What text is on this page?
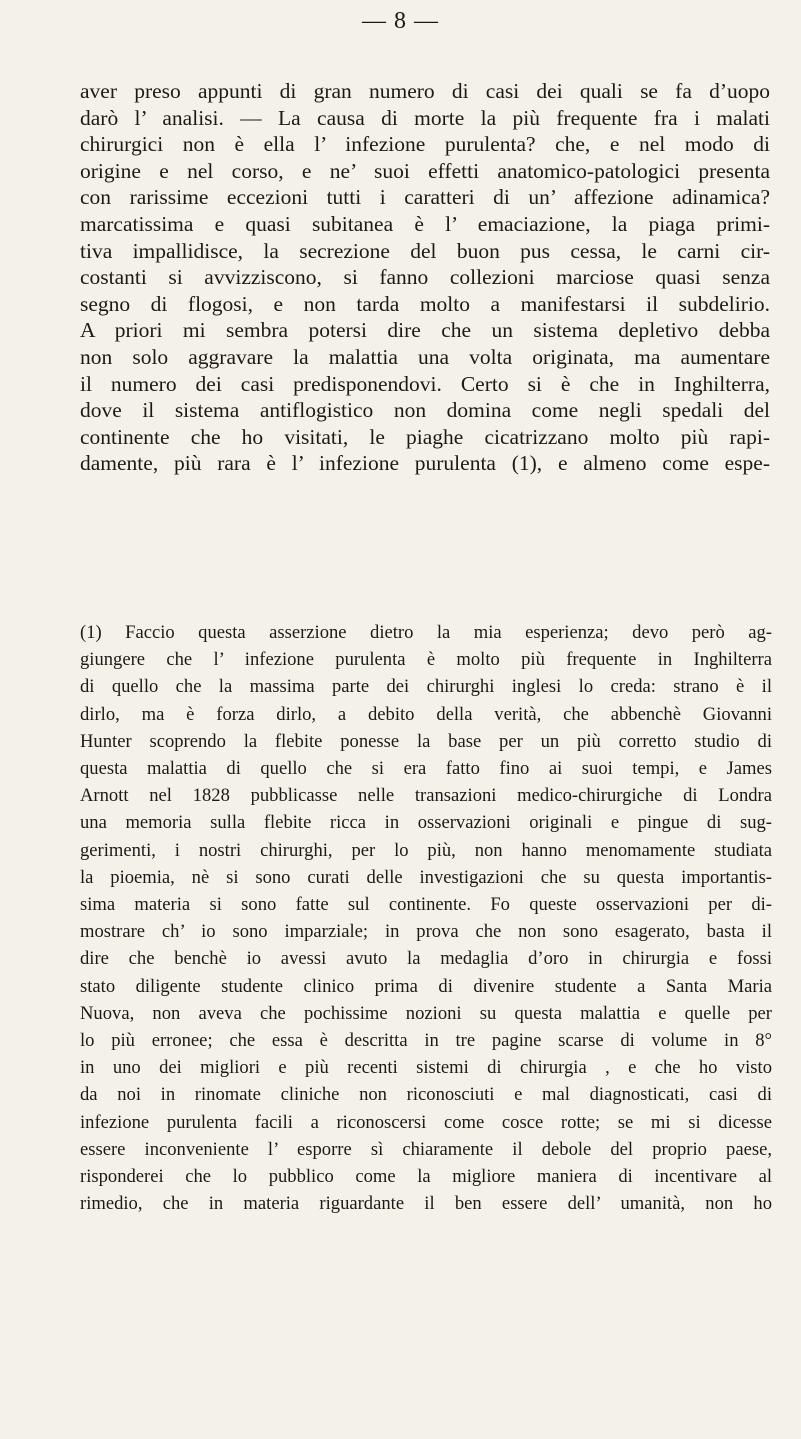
— 8 —
aver preso appunti di gran numero di casi dei quali se fa d’uopo
darò l’ analisi. — La causa di morte la più frequente fra i malati
chirurgici non è ella l’ infezione purulenta? che, e nel modo di
origine e nel corso, e ne’ suoi effetti anatomico-patologici presenta
con rarissime eccezioni tutti i caratteri di un’ affezione adinamica?
marcatissima e quasi subitanea è l’ emaciazione, la piaga primi-
tiva impallidisce, la secrezione del buon pus cessa, le carni cir-
costanti si avvizziscono, si fanno collezioni marciose quasi senza
segno di flogosi, e non tarda molto a manifestarsi il subdelirio.
A priori mi sembra potersi dire che un sistema depletivo debba
non solo aggravare la malattia una volta originata, ma aumentare
il numero dei casi predisponendovi. Certo si è che in Inghilterra,
dove il sistema antiflogistico non domina come negli spedali del
continente che ho visitati, le piaghe cicatrizzano molto più rapi-
damente, più rara è l’ infezione purulenta (1), e almeno come espe-
(1) Faccio questa asserzione dietro la mia esperienza; devo però ag-
giungere che l’ infezione purulenta è molto più frequente in Inghilterra
di quello che la massima parte dei chirurghi inglesi lo creda: strano è il
dirlo, ma è forza dirlo, a debito della verità, che abbenchè Giovanni
Hunter scoprendo la flebite ponesse la base per un più corretto studio di
questa malattia di quello che si era fatto fino ai suoi tempi, e James
Arnott nel 1828 pubblicasse nelle transazioni medico-chirurgiche di Londra
una memoria sulla flebite ricca in osservazioni originali e pingue di sug-
gerimenti, i nostri chirurghi, per lo più, non hanno menomamente studiata
la pioemia, nè si sono curati delle investigazioni che su questa importantis-
sima materia si sono fatte sul continente. Fo queste osservazioni per di-
mostrare ch’ io sono imparziale; in prova che non sono esagerato, basta il
dire che benchè io avessi avuto la medaglia d’oro in chirurgia e fossi
stato diligente studente clinico prima di divenire studente a Santa Maria
Nuova, non aveva che pochissime nozioni su questa malattia e quelle per
lo più erronee; che essa è descritta in tre pagine scarse di volume in 8°
in uno dei migliori e più recenti sistemi di chirurgia , e che ho visto
da noi in rinomate cliniche non riconosciuti e mal diagnosticati, casi di
infezione purulenta facili a riconoscersi come cosce rotte; se mi si dicesse
essere inconveniente l’ esporre sì chiaramente il debole del proprio paese,
risponderei che lo pubblico come la migliore maniera di incentivare al
rimedio, che in materia riguardante il ben essere dell’ umanità, non ho
